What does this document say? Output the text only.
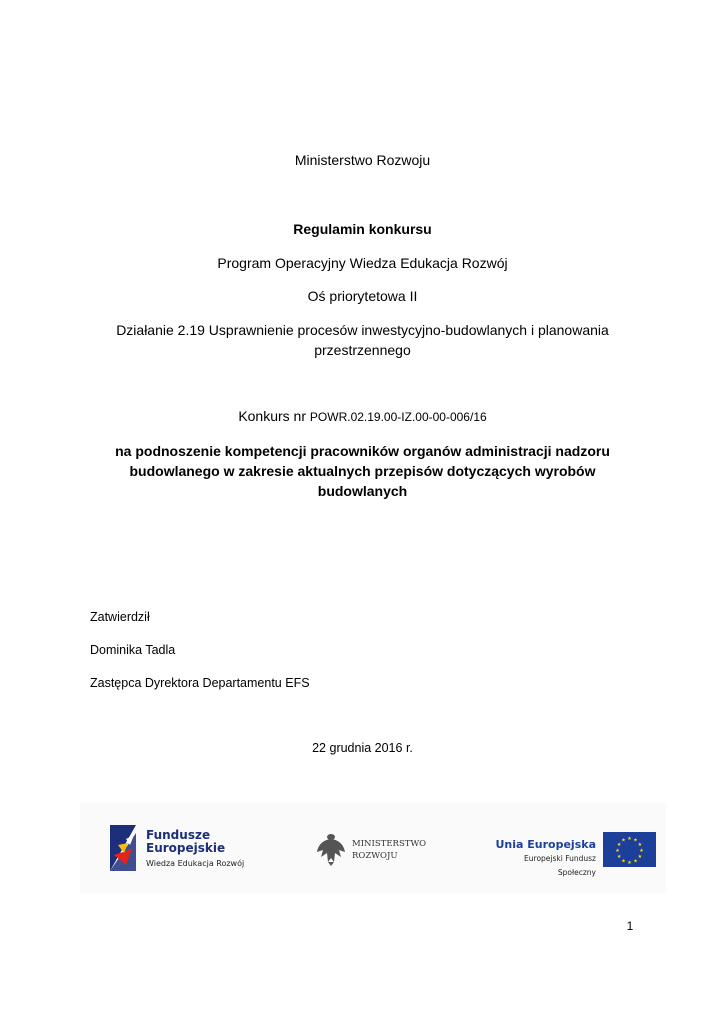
Ministerstwo Rozwoju
Regulamin konkursu
Program Operacyjny Wiedza Edukacja Rozwój
Oś priorytetowa II
Działanie 2.19 Usprawnienie procesów inwestycyjno-budowlanych i planowania
przestrzennego
Konkurs nr POWR.02.19.00-IZ.00-00-006/16
na podnoszenie kompetencji pracowników organów administracji nadzoru
budowlanego w zakresie aktualnych przepisów dotyczących wyrobów
budowlanych
Zatwierdził
Dominika Tadla
Zastępca Dyrektora Departamentu EFS
22 grudnia 2016 r.
Fundusze
Europejskie
Wiedza Edukacja Rozwój
MINISTERSTWO
ROZWOJU
Unia Europejska
Europejski Fundusz Społeczny
★ ★
★
★
★
★
★
★
★
★
★
★
1
